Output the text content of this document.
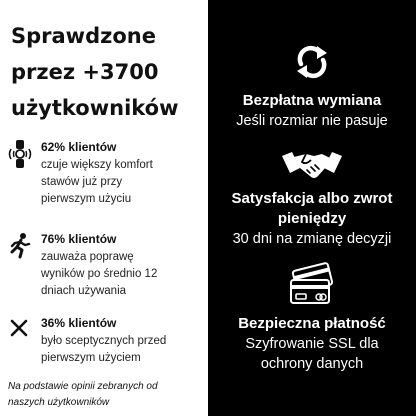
Sprawdzone
przez +3700
użytkowników
62% klientów
czuje większy komfort
stawów już przy
pierwszym użyciu
76% klientów
zauważa poprawę
wyników po średnio 12
dniach używania
36% klientów
było sceptycznych przed
pierwszym użyciem
Na podstawie opinii zebranych od
naszych użytkowników
Bezpłatna wymiana
Jeśli rozmiar nie pasuje
Satysfakcja albo zwrot
pieniędzy
30 dni na zmianę decyzji
Bezpieczna płatność
Szyfrowanie SSL dla
ochrony danych
